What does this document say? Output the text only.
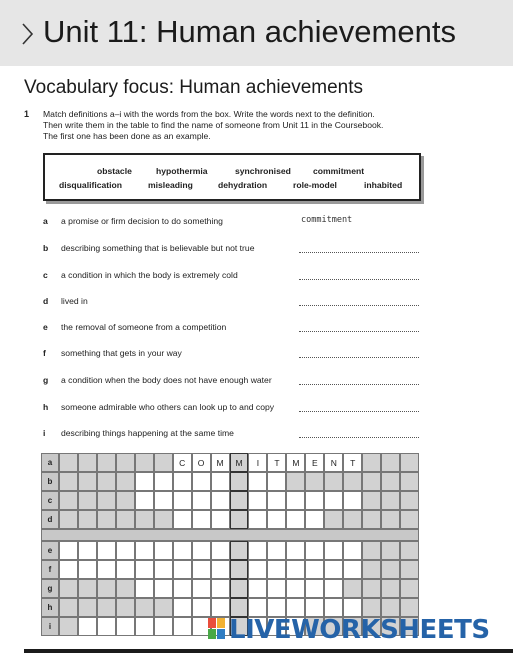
Unit 11: Human achievements
Vocabulary focus: Human achievements
1 Match definitions a–i with the words from the box. Write the words next to the definition.
Then write them in the table to find the name of someone from Unit 11 in the Coursebook.
The first one has been done as an example.
obstacle	hypothermia	synchronised	commitment
disqualification	misleading	dehydration	role-model	inhabited
a a promise or firm decision to do something	commitment
b describing something that is believable but not true
c a condition in which the body is extremely cold
d lived in
e the removal of someone from a competition
f something that gets in your way
g a condition when the body does not have enough water
h someone admirable who others can look up to and copy
i describing things happening at the same time
a	C	O	M	M	I	T	M	E	N	T
b
c
d
e
f
g
h
i	LIVEWORKSHEETS
